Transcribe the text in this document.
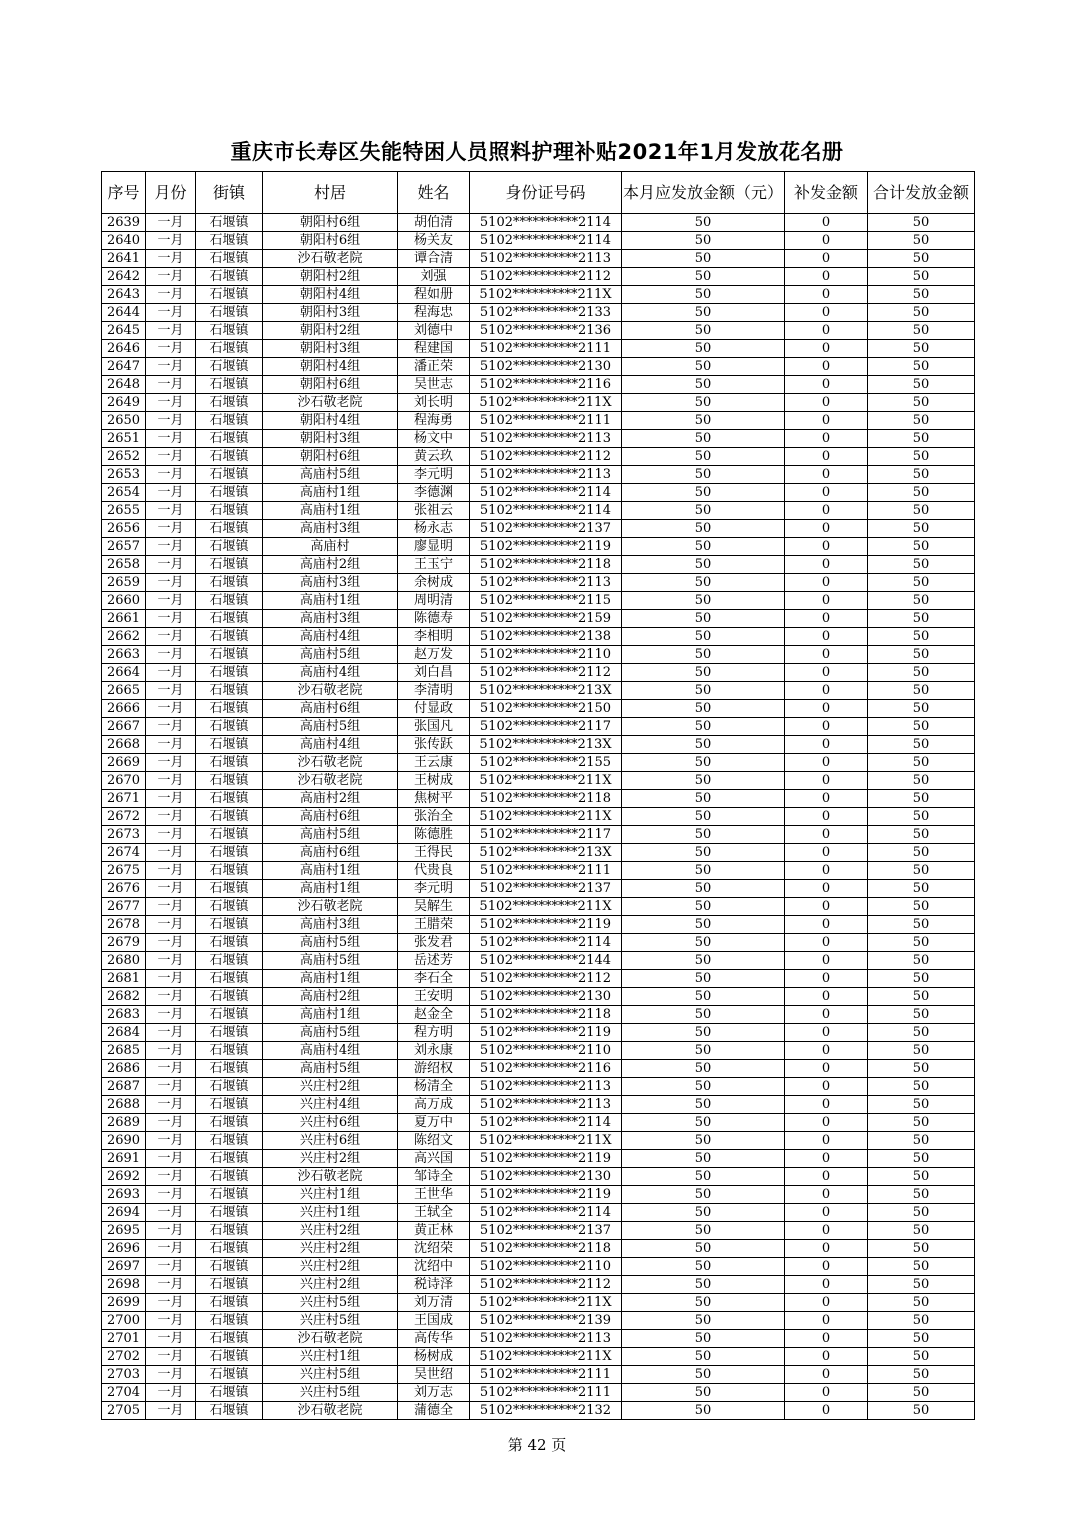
重庆市长寿区失能特困人员照料护理补贴2021年1月发放花名册
序号	月份	街镇	村居	姓名	身份证号码	本月应发放金额（元）	补发金额	合计发放金额
2639	一月	石堰镇	朝阳村6组	胡伯清	5102**********2114	50	0	50
2640	一月	石堰镇	朝阳村6组	杨关友	5102**********2114	50	0	50
2641	一月	石堰镇	沙石敬老院	谭合清	5102**********2113	50	0	50
2642	一月	石堰镇	朝阳村2组	刘强	5102**********2112	50	0	50
2643	一月	石堰镇	朝阳村4组	程如册	5102**********211X	50	0	50
2644	一月	石堰镇	朝阳村3组	程海忠	5102**********2133	50	0	50
2645	一月	石堰镇	朝阳村2组	刘德中	5102**********2136	50	0	50
2646	一月	石堰镇	朝阳村3组	程建国	5102**********2111	50	0	50
2647	一月	石堰镇	朝阳村4组	潘正荣	5102**********2130	50	0	50
2648	一月	石堰镇	朝阳村6组	吴世志	5102**********2116	50	0	50
2649	一月	石堰镇	沙石敬老院	刘长明	5102**********211X	50	0	50
2650	一月	石堰镇	朝阳村4组	程海勇	5102**********2111	50	0	50
2651	一月	石堰镇	朝阳村3组	杨文中	5102**********2113	50	0	50
2652	一月	石堰镇	朝阳村6组	黄云玖	5102**********2112	50	0	50
2653	一月	石堰镇	高庙村5组	李元明	5102**********2113	50	0	50
2654	一月	石堰镇	高庙村1组	李德渊	5102**********2114	50	0	50
2655	一月	石堰镇	高庙村1组	张祖云	5102**********2114	50	0	50
2656	一月	石堰镇	高庙村3组	杨永志	5102**********2137	50	0	50
2657	一月	石堰镇	高庙村	廖显明	5102**********2119	50	0	50
2658	一月	石堰镇	高庙村2组	王玉宁	5102**********2118	50	0	50
2659	一月	石堰镇	高庙村3组	余树成	5102**********2113	50	0	50
2660	一月	石堰镇	高庙村1组	周明清	5102**********2115	50	0	50
2661	一月	石堰镇	高庙村3组	陈德寿	5102**********2159	50	0	50
2662	一月	石堰镇	高庙村4组	李相明	5102**********2138	50	0	50
2663	一月	石堰镇	高庙村5组	赵万发	5102**********2110	50	0	50
2664	一月	石堰镇	高庙村4组	刘白昌	5102**********2112	50	0	50
2665	一月	石堰镇	沙石敬老院	李清明	5102**********213X	50	0	50
2666	一月	石堰镇	高庙村6组	付显政	5102**********2150	50	0	50
2667	一月	石堰镇	高庙村5组	张国凡	5102**********2117	50	0	50
2668	一月	石堰镇	高庙村4组	张传跃	5102**********213X	50	0	50
2669	一月	石堰镇	沙石敬老院	王云康	5102**********2155	50	0	50
2670	一月	石堰镇	沙石敬老院	王树成	5102**********211X	50	0	50
2671	一月	石堰镇	高庙村2组	焦树平	5102**********2118	50	0	50
2672	一月	石堰镇	高庙村6组	张治全	5102**********211X	50	0	50
2673	一月	石堰镇	高庙村5组	陈德胜	5102**********2117	50	0	50
2674	一月	石堰镇	高庙村6组	王得民	5102**********213X	50	0	50
2675	一月	石堰镇	高庙村1组	代贵良	5102**********2111	50	0	50
2676	一月	石堰镇	高庙村1组	李元明	5102**********2137	50	0	50
2677	一月	石堰镇	沙石敬老院	吴解生	5102**********211X	50	0	50
2678	一月	石堰镇	高庙村3组	王腊荣	5102**********2119	50	0	50
2679	一月	石堰镇	高庙村5组	张发君	5102**********2114	50	0	50
2680	一月	石堰镇	高庙村5组	岳述芳	5102**********2144	50	0	50
2681	一月	石堰镇	高庙村1组	李石全	5102**********2112	50	0	50
2682	一月	石堰镇	高庙村2组	王安明	5102**********2130	50	0	50
2683	一月	石堰镇	高庙村1组	赵金全	5102**********2118	50	0	50
2684	一月	石堰镇	高庙村5组	程方明	5102**********2119	50	0	50
2685	一月	石堰镇	高庙村4组	刘永康	5102**********2110	50	0	50
2686	一月	石堰镇	高庙村5组	游绍权	5102**********2116	50	0	50
2687	一月	石堰镇	兴庄村2组	杨清全	5102**********2113	50	0	50
2688	一月	石堰镇	兴庄村4组	高万成	5102**********2113	50	0	50
2689	一月	石堰镇	兴庄村6组	夏万中	5102**********2114	50	0	50
2690	一月	石堰镇	兴庄村6组	陈绍文	5102**********211X	50	0	50
2691	一月	石堰镇	兴庄村2组	高兴国	5102**********2119	50	0	50
2692	一月	石堰镇	沙石敬老院	邹诗全	5102**********2130	50	0	50
2693	一月	石堰镇	兴庄村1组	王世华	5102**********2119	50	0	50
2694	一月	石堰镇	兴庄村1组	王轼全	5102**********2114	50	0	50
2695	一月	石堰镇	兴庄村2组	黄正林	5102**********2137	50	0	50
2696	一月	石堰镇	兴庄村2组	沈绍荣	5102**********2118	50	0	50
2697	一月	石堰镇	兴庄村2组	沈绍中	5102**********2110	50	0	50
2698	一月	石堰镇	兴庄村2组	税诗泽	5102**********2112	50	0	50
2699	一月	石堰镇	兴庄村5组	刘万清	5102**********211X	50	0	50
2700	一月	石堰镇	兴庄村5组	王国成	5102**********2139	50	0	50
2701	一月	石堰镇	沙石敬老院	高传华	5102**********2113	50	0	50
2702	一月	石堰镇	兴庄村1组	杨树成	5102**********211X	50	0	50
2703	一月	石堰镇	兴庄村5组	吴世绍	5102**********2111	50	0	50
2704	一月	石堰镇	兴庄村5组	刘万志	5102**********2111	50	0	50
2705	一月	石堰镇	沙石敬老院	蒲德全	5102**********2132	50	0	50
第 42 页
